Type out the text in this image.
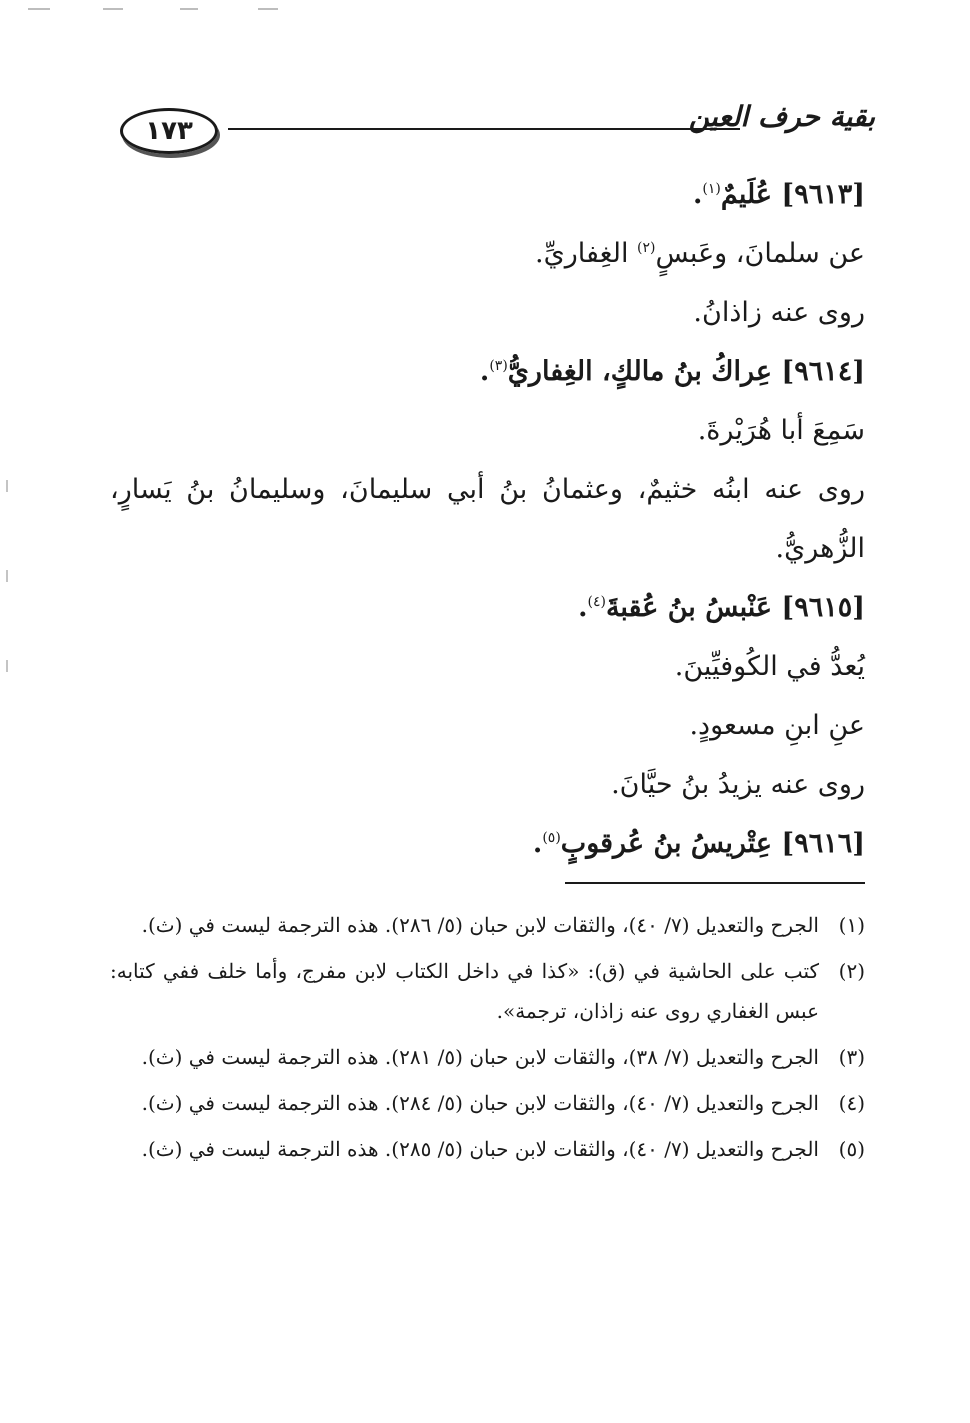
١٧٣	بقية حرف العين
[٩٦١٣] عُلَيمٌ$^{(١)}$.
عن سلمانَ، وعَبسٍ$^{(٢)}$ الغِفاريِّ.
روى عنه زاذانُ.
[٩٦١٤] عِراكُ بنُ مالكٍ، الغِفاريُّ$^{(٣)}$.
سَمِعَ أبا هُرَيْرةَ.
روى عنه ابنُه خثيمٌ، وعثمانُ بنُ أبي سليمانَ، وسليمانُ بنُ يَسارٍ، الزُّهريُّ.
[٩٦١٥] عَنْبسُ بنُ عُقبةَ$^{(٤)}$.
يُعدُّ في الكُوفيِّينَ.
عنِ ابنِ مسعودٍ.
روى عنه يزيدُ بنُ حيَّانَ.
[٩٦١٦] عِتْريسُ بنُ عُرقوبٍ$^{(٥)}$.
(١)
الجرح والتعديل (٧/ ٤٠)، والثقات لابن حبان (٥/ ٢٨٦). هذه الترجمة ليست في (ث).
(٢)
كتب على الحاشية في (ق): «كذا في داخل الكتاب لابن مفرج، وأما خلف ففي كتابه: عبس الغفاري روى عنه زاذان، ترجمة».
(٣)
الجرح والتعديل (٧/ ٣٨)، والثقات لابن حبان (٥/ ٢٨١). هذه الترجمة ليست في (ث).
(٤)
الجرح والتعديل (٧/ ٤٠)، والثقات لابن حبان (٥/ ٢٨٤). هذه الترجمة ليست في (ث).
(٥)
الجرح والتعديل (٧/ ٤٠)، والثقات لابن حبان (٥/ ٢٨٥). هذه الترجمة ليست في (ث).
